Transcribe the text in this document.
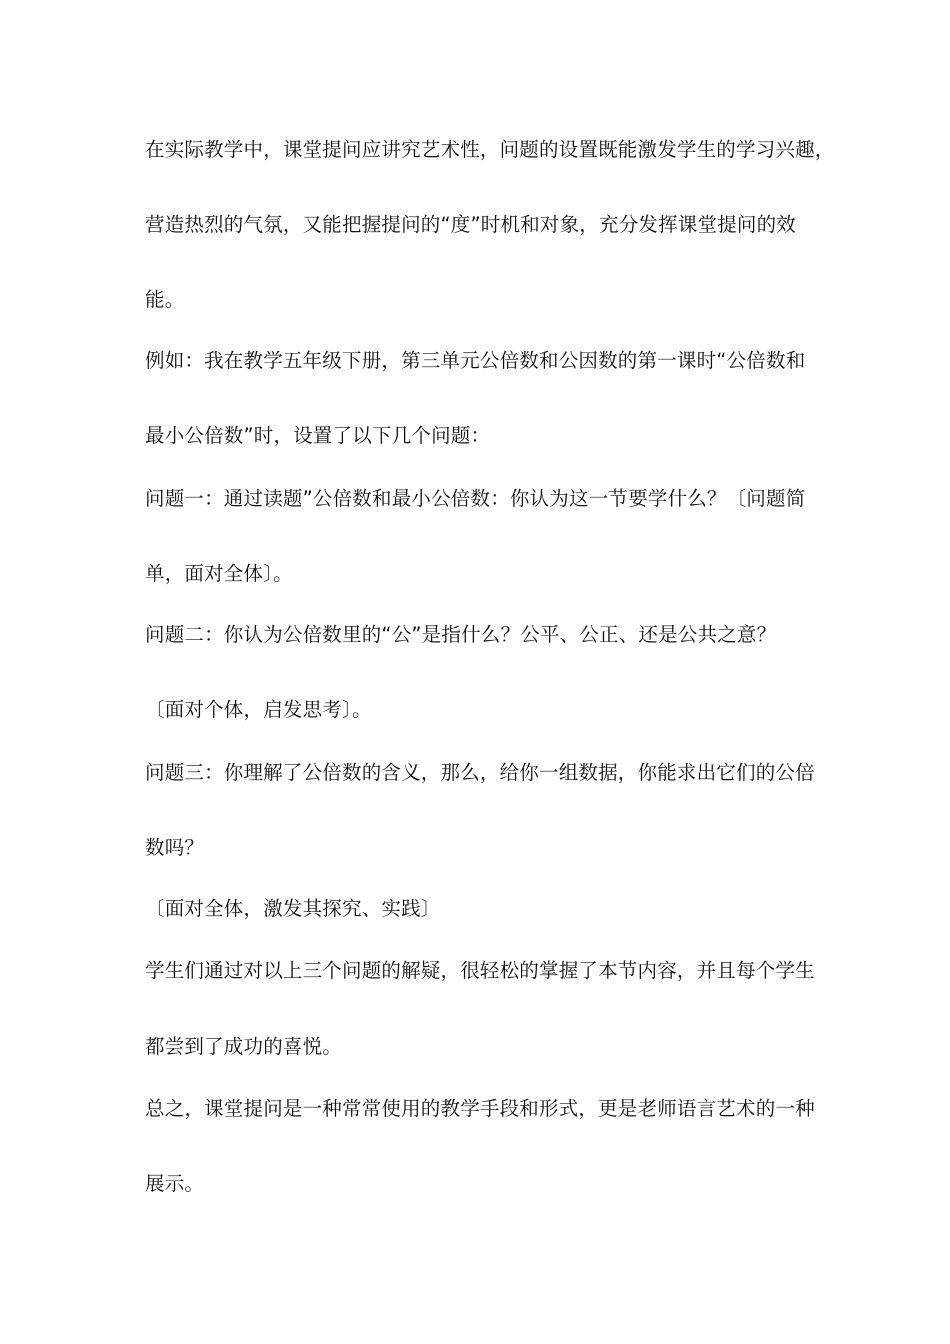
在实际教学中，课堂提问应讲究艺术性，问题的设置既能激发学生的学习兴趣，
营造热烈的气氛，又能把握提问的“度”时机和对象，充分发挥课堂提问的效
能。
例如：我在教学五年级下册，第三单元公倍数和公因数的第一课时“公倍数和
最小公倍数”时，设置了以下几个问题：
问题一：通过读题”公倍数和最小公倍数：你认为这一节要学什么？〔问题简
单，面对全体〕。
问题二：你认为公倍数里的“公”是指什么？公平、公正、还是公共之意？
〔面对个体，启发思考〕。
问题三：你理解了公倍数的含义，那么，给你一组数据，你能求出它们的公倍
数吗？
〔面对全体，激发其探究、实践〕
学生们通过对以上三个问题的解疑，很轻松的掌握了本节内容，并且每个学生
都尝到了成功的喜悦。
总之，课堂提问是一种常常使用的教学手段和形式，更是老师语言艺术的一种
展示。
